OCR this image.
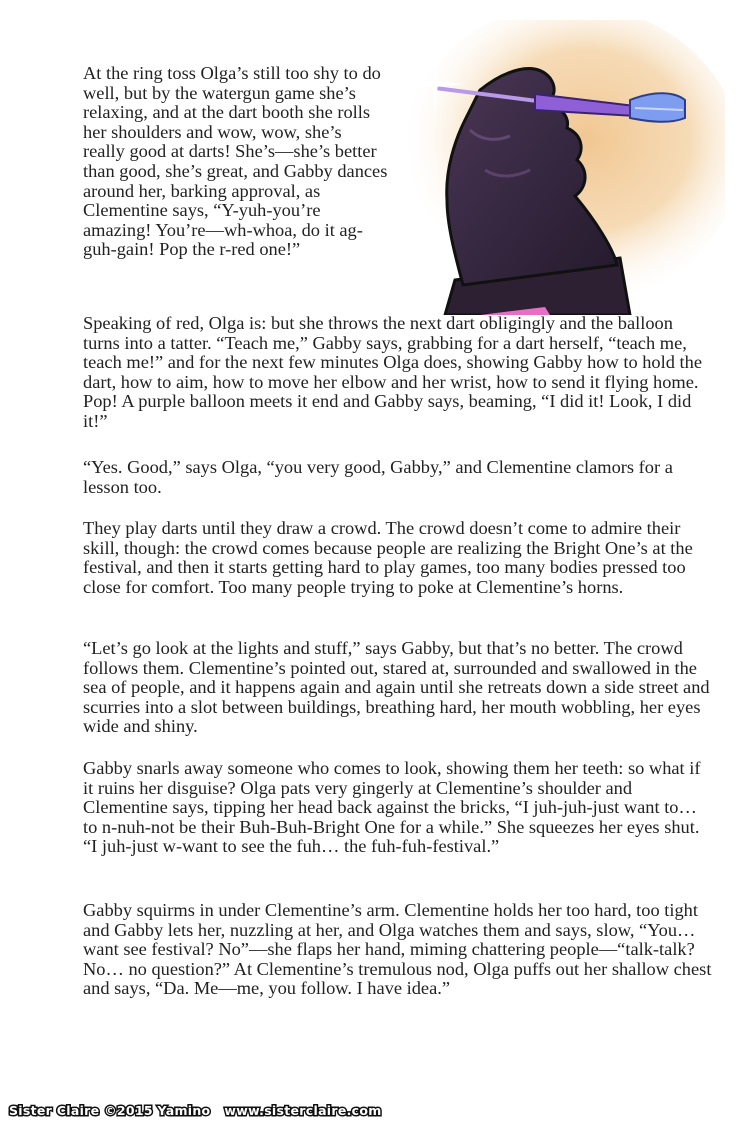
At the ring toss Olga’s still too shy to do well, but by the watergun game she’s relaxing, and at the dart booth she rolls her shoulders and wow, wow, she’s really good at darts! She’s—she’s better than good, she’s great, and Gabby dances around her, barking approval, as Clementine says, “Y-yuh-you’re amazing! You’re—wh-whoa, do it ag-guh-gain! Pop the r-red one!”

Speaking of red, Olga is: but she throws the next dart obligingly and the balloon turns into a tatter. “Teach me,” Gabby says, grabbing for a dart herself, “teach me, teach me!” and for the next few minutes Olga does, showing Gabby how to hold the dart, how to aim, how to move her elbow and her wrist, how to send it flying home. Pop! A purple balloon meets it end and Gabby says, beaming, “I did it! Look, I did it!”

“Yes. Good,” says Olga, “you very good, Gabby,” and Clementine clamors for a lesson too.

They play darts until they draw a crowd. The crowd doesn’t come to admire their skill, though: the crowd comes because people are realizing the Bright One’s at the festival, and then it starts getting hard to play games, too many bodies pressed too close for comfort. Too many people trying to poke at Clementine’s horns.

“Let’s go look at the lights and stuff,” says Gabby, but that’s no better. The crowd follows them. Clementine’s pointed out, stared at, surrounded and swallowed in the sea of people, and it happens again and again until she retreats down a side street and scurries into a slot between buildings, breathing hard, her mouth wobbling, her eyes wide and shiny.

Gabby snarls away someone who comes to look, showing them her teeth: so what if it ruins her disguise? Olga pats very gingerly at Clementine’s shoulder and Clementine says, tipping her head back against the bricks, “I juh-juh-just want to… to n-nuh-not be their Buh-Buh-Bright One for a while.” She squeezes her eyes shut. “I juh-just w-want to see the fuh… the fuh-fuh-festival.”

Gabby squirms in under Clementine’s arm. Clementine holds her too hard, too tight and Gabby lets her, nuzzling at her, and Olga watches them and says, slow, “You… want see festival? No”—she flaps her hand, miming chattering people—“talk-talk? No… no question?” At Clementine’s tremulous nod, Olga puffs out her shallow chest and says, “Da. Me—me, you follow. I have idea.”

Sister Claire ©2015 Yamino   www.sisterclaire.com
